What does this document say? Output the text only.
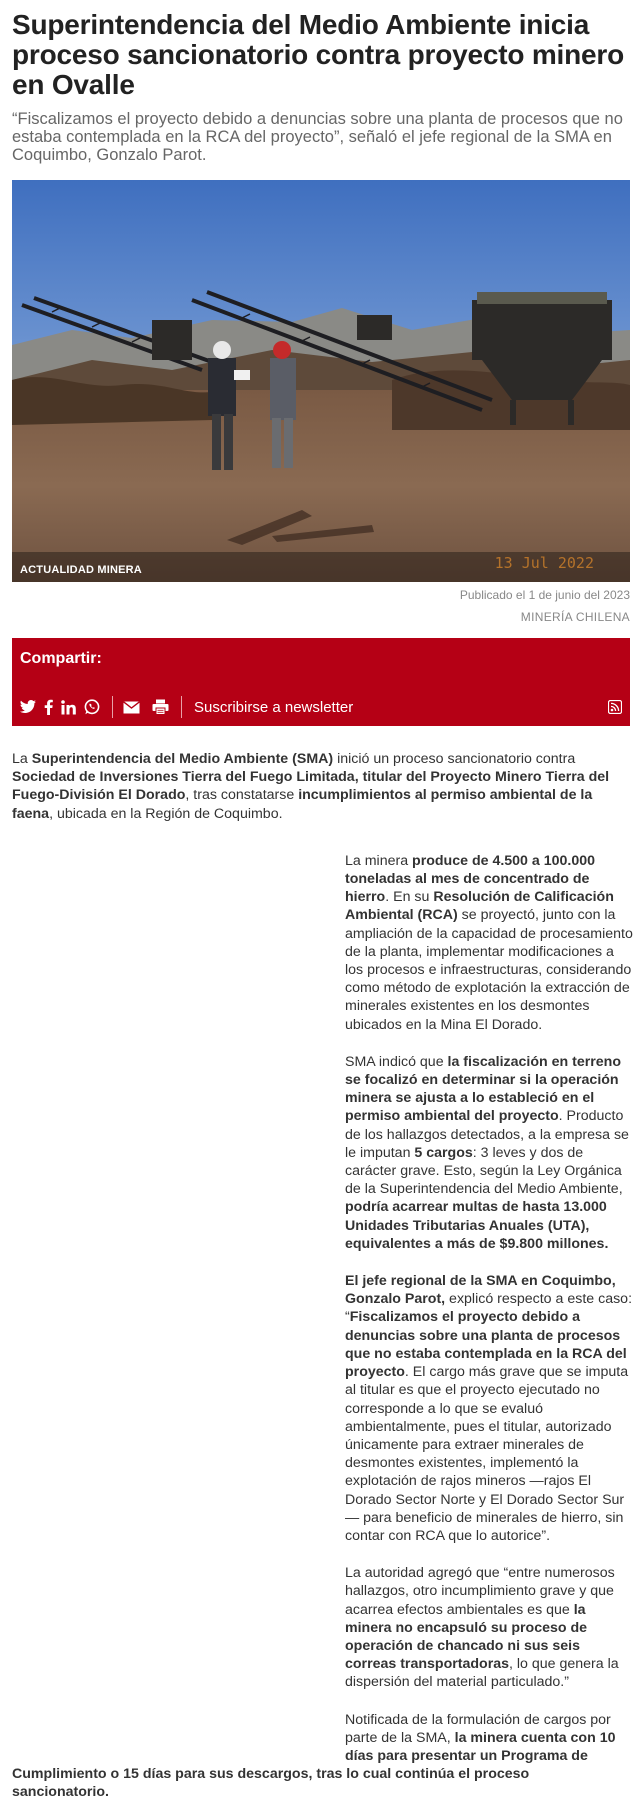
Superintendencia del Medio Ambiente inicia proceso sancionatorio contra proyecto minero en Ovalle

“Fiscalizamos el proyecto debido a denuncias sobre una planta de procesos que no estaba contemplada en la RCA del proyecto”, señaló el jefe regional de la SMA en Coquimbo, Gonzalo Parot.

ACTUALIDAD MINERA	13 Jul 2022
Publicado el 1 de junio del 2023
MINERÍA CHILENA
Compartir:
Suscribirse a newsletter

La Superintendencia del Medio Ambiente (SMA) inició un proceso sancionatorio contra Sociedad de Inversiones Tierra del Fuego Limitada, titular del Proyecto Minero Tierra del Fuego-División El Dorado, tras constatarse incumplimientos al permiso ambiental de la faena, ubicada en la Región de Coquimbo.

La minera produce de 4.500 a 100.000 toneladas al mes de concentrado de hierro. En su Resolución de Calificación Ambiental (RCA) se proyectó, junto con la ampliación de la capacidad de procesamiento de la planta, implementar modificaciones a los procesos e infraestructuras, considerando como método de explotación la extracción de minerales existentes en los desmontes ubicados en la Mina El Dorado.

SMA indicó que la fiscalización en terreno se focalizó en determinar si la operación minera se ajusta a lo estableció en el permiso ambiental del proyecto. Producto de los hallazgos detectados, a la empresa se le imputan 5 cargos: 3 leves y dos de carácter grave. Esto, según la Ley Orgánica de la Superintendencia del Medio Ambiente, podría acarrear multas de hasta 13.000 Unidades Tributarias Anuales (UTA), equivalentes a más de $9.800 millones.

El jefe regional de la SMA en Coquimbo, Gonzalo Parot, explicó respecto a este caso: “Fiscalizamos el proyecto debido a denuncias sobre una planta de procesos que no estaba contemplada en la RCA del proyecto. El cargo más grave que se imputa al titular es que el proyecto ejecutado no corresponde a lo que se evaluó ambientalmente, pues el titular, autorizado únicamente para extraer minerales de desmontes existentes, implementó la explotación de rajos mineros —rajos El Dorado Sector Norte y El Dorado Sector Sur— para beneficio de minerales de hierro, sin contar con RCA que lo autorice”.

La autoridad agregó que “entre numerosos hallazgos, otro incumplimiento grave y que acarrea efectos ambientales es que la minera no encapsuló su proceso de operación de chancado ni sus seis correas transportadoras, lo que genera la dispersión del material particulado.”

Notificada de la formulación de cargos por parte de la SMA, la minera cuenta con 10 días para presentar un Programa de

Cumplimiento o 15 días para sus descargos, tras lo cual continúa el proceso sancionatorio.
